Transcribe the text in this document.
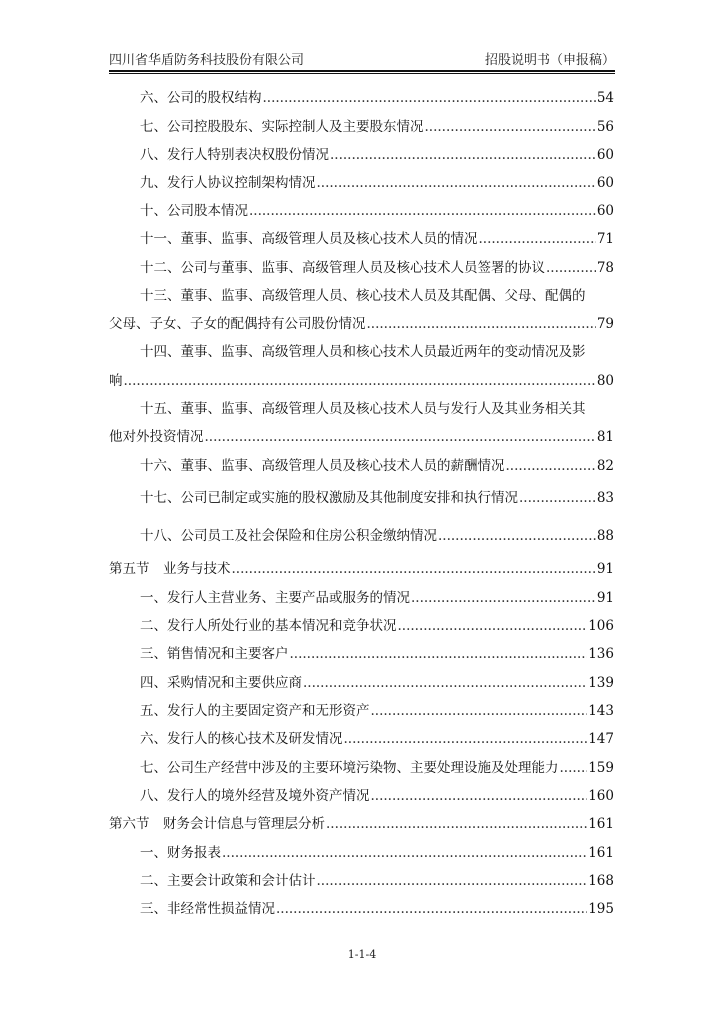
四川省华盾防务科技股份有限公司	招股说明书（申报稿）
六、公司的股权结构 .....	54
七、公司控股股东、实际控制人及主要股东情况 .....	56
八、发行人特别表决权股份情况 .....	60
九、发行人协议控制架构情况 .....	60
十、公司股本情况 .....	60
十一、董事、监事、高级管理人员及核心技术人员的情况 .....	71
十二、公司与董事、监事、高级管理人员及核心技术人员签署的协议 .....	78
十三、董事、监事、高级管理人员、核心技术人员及其配偶、父母、配偶的
父母、子女、子女的配偶持有公司股份情况 .....	79
十四、董事、监事、高级管理人员和核心技术人员最近两年的变动情况及影
响 .....	80
十五、董事、监事、高级管理人员及核心技术人员与发行人及其业务相关其
他对外投资情况 .....	81
十六、董事、监事、高级管理人员及核心技术人员的薪酬情况 .....	82
十七、公司已制定或实施的股权激励及其他制度安排和执行情况 .....	83
十八、公司员工及社会保险和住房公积金缴纳情况 .....	88
第五节　业务与技术 .....	91
一、发行人主营业务、主要产品或服务的情况 .....	91
二、发行人所处行业的基本情况和竞争状况 .....	106
三、销售情况和主要客户 .....	136
四、采购情况和主要供应商 .....	139
五、发行人的主要固定资产和无形资产 .....	143
六、发行人的核心技术及研发情况 .....	147
七、公司生产经营中涉及的主要环境污染物、主要处理设施及处理能力 ..... 159
八、发行人的境外经营及境外资产情况 .....	160
第六节　财务会计信息与管理层分析 .....	161
一、财务报表 .....	161
二、主要会计政策和会计估计 .....	168
三、非经常性损益情况 .....	195
1-1-4
